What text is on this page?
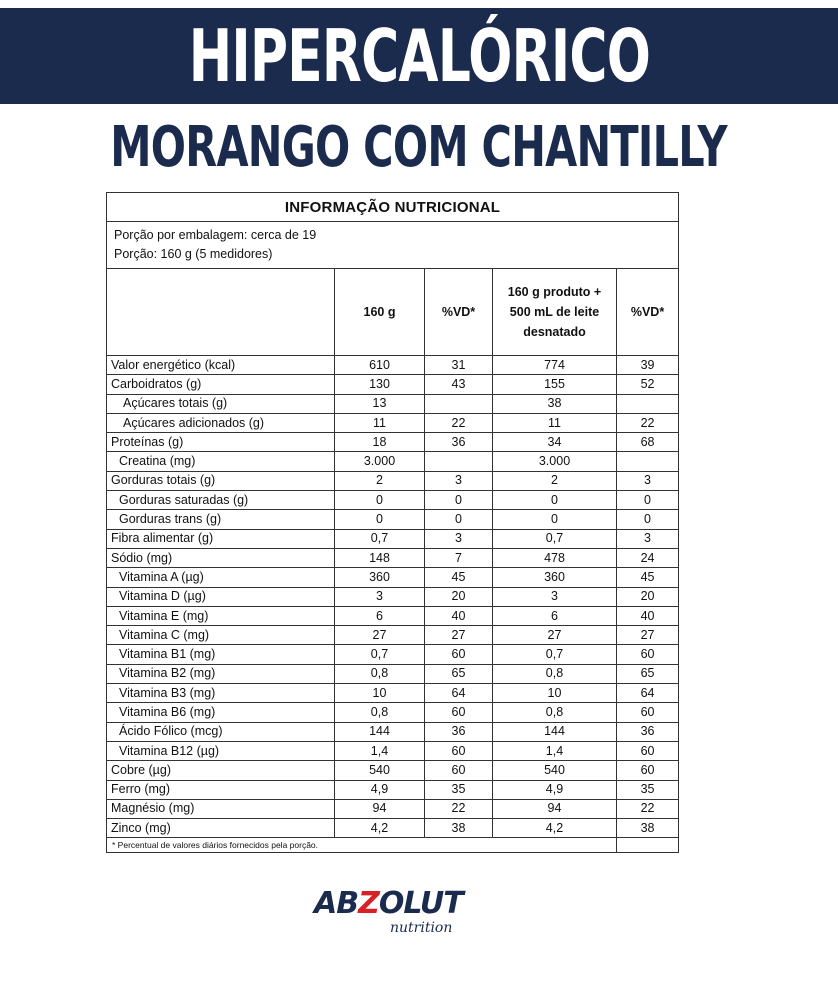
HIPERCALÓRICO
MORANGO COM CHANTILLY
INFORMAÇÃO NUTRICIONAL				

Porção por embalagem: cerca de 19
Porção: 160 g (5 medidores)				

	160 g	%VD*	160 g produto + 500 mL de leite desnatado	%VD*
Valor energético (kcal)	610	31	774	39
Carboidratos (g)	130	43	155	52
Açúcares totais (g)	13		38	
Açúcares adicionados (g)	11	22	11	22
Proteínas (g)	18	36	34	68
Creatina (mg)	3.000		3.000	
Gorduras totais (g)	2	3	2	3
Gorduras saturadas (g)	0	0	0	0
Gorduras trans (g)	0	0	0	0
Fibra alimentar (g)	0,7	3	0,7	3
Sódio (mg)	148	7	478	24
Vitamina A (µg)	360	45	360	45
Vitamina D (µg)	3	20	3	20
Vitamina E (mg)	6	40	6	40
Vitamina C (mg)	27	27	27	27
Vitamina B1 (mg)	0,7	60	0,7	60
Vitamina B2 (mg)	0,8	65	0,8	65
Vitamina B3 (mg)	10	64	10	64
Vitamina B6 (mg)	0,8	60	0,8	60
Ácido Fólico (mcg)	144	36	144	36
Vitamina B12 (µg)	1,4	60	1,4	60
Cobre (µg)	540	60	540	60
Ferro (mg)	4,9	35	4,9	35
Magnésio (mg)	94	22	94	22
Zinco (mg)	4,2	38	4,2	38
* Percentual de valores diários fornecidos pela porção.				
ABZOLUT
nutrition
